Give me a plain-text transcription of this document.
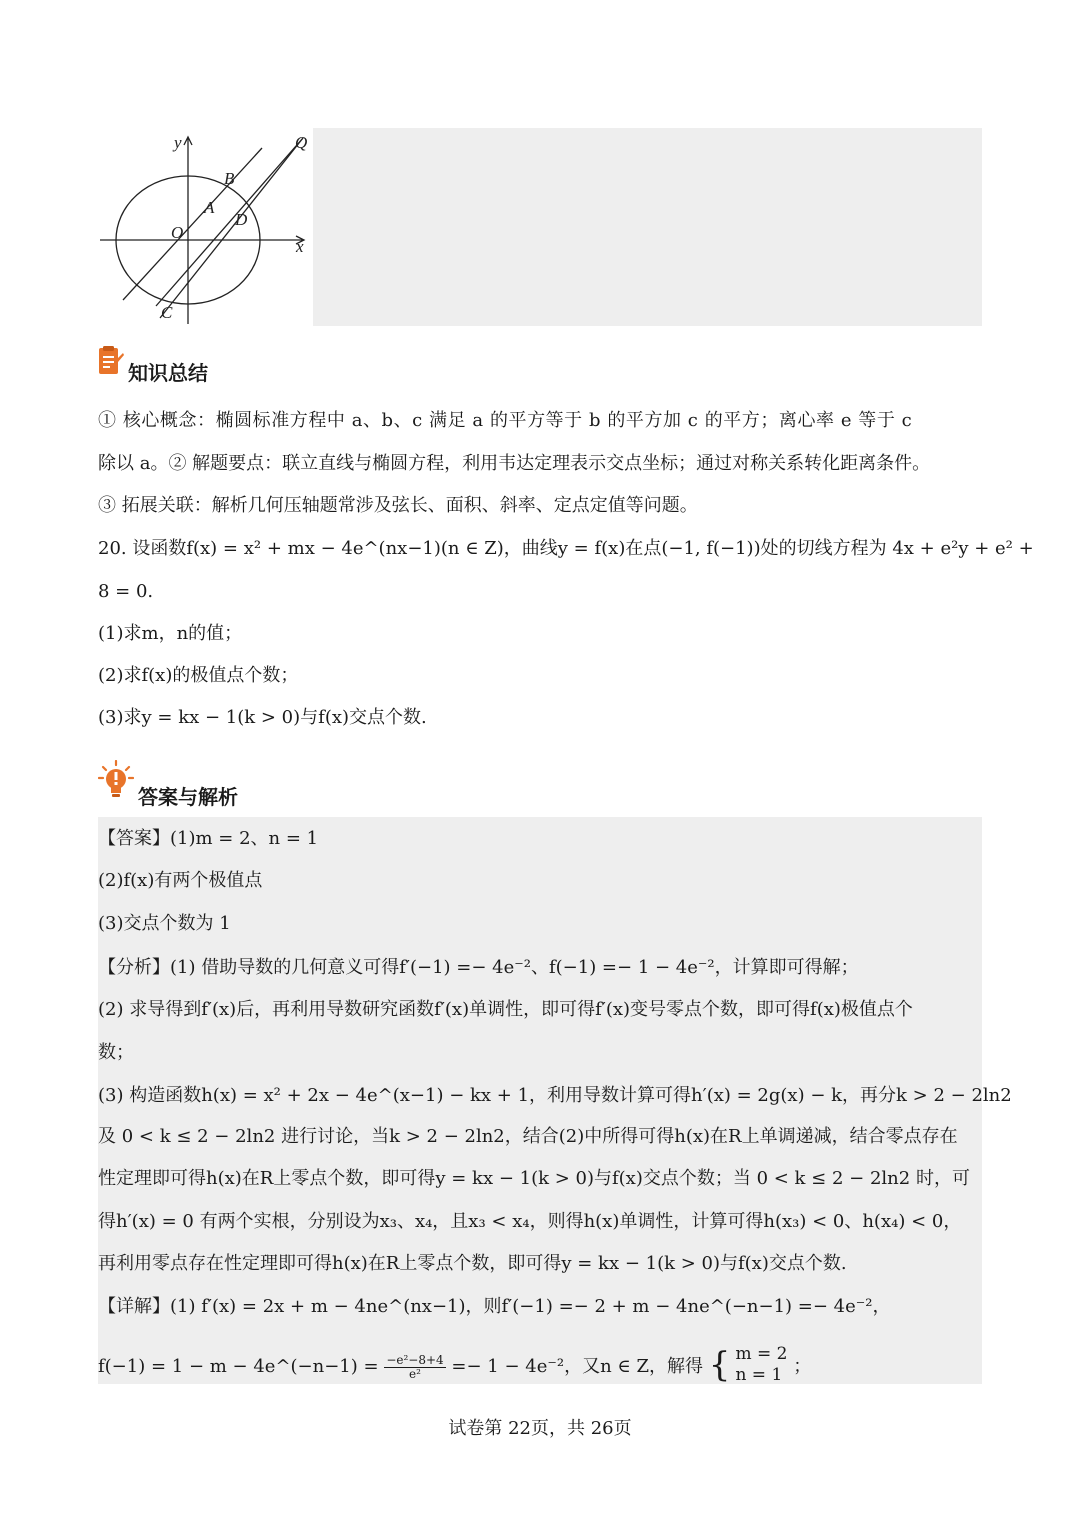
y
x
Q
B
A
D
O
C
知识总结
① 核心概念：椭圆标准方程中 a、b、c 满足 a 的平方等于 b 的平方加 c 的平方；离心率 e 等于 c
除以 a。② 解题要点：联立直线与椭圆方程，利用韦达定理表示交点坐标；通过对称关系转化距离条件。
③ 拓展关联：解析几何压轴题常涉及弦长、面积、斜率、定点定值等问题。
20. 设函数f(x) = x² + mx − 4e^(nx−1)(n ∈ Z)，曲线y = f(x)在点(−1, f(−1))处的切线方程为 4x + e²y + e² +
8 = 0.
(1)求m，n的值；
(2)求f(x)的极值点个数；
(3)求y = kx − 1(k > 0)与f(x)交点个数.
答案与解析
【答案】(1)m = 2、n = 1
(2)f(x)有两个极值点
(3)交点个数为 1
【分析】(1) 借助导数的几何意义可得f′(−1) =− 4e⁻²、f(−1) =− 1 − 4e⁻²，计算即可得解；
(2) 求导得到f′(x)后，再利用导数研究函数f′(x)单调性，即可得f′(x)变号零点个数，即可得f(x)极值点个
数；
(3) 构造函数h(x) = x² + 2x − 4e^(x−1) − kx + 1，利用导数计算可得h′(x) = 2g(x) − k，再分k > 2 − 2ln2
及 0 < k ≤ 2 − 2ln2 进行讨论，当k > 2 − 2ln2，结合(2)中所得可得h(x)在R上单调递减，结合零点存在
性定理即可得h(x)在R上零点个数，即可得y = kx − 1(k > 0)与f(x)交点个数；当 0 < k ≤ 2 − 2ln2 时，可
得h′(x) = 0 有两个实根，分别设为x₃、x₄，且x₃ < x₄，则得h(x)单调性，计算可得h(x₃) < 0、h(x₄) < 0，
再利用零点存在性定理即可得h(x)在R上零点个数，即可得y = kx − 1(k > 0)与f(x)交点个数.
【详解】(1) f′(x) = 2x + m − 4ne^(nx−1)，则f′(−1) =− 2 + m − 4ne^(−n−1) =− 4e⁻²，
f(−1) = 1 − m − 4e^(−n−1) = $\frac{\text{−e²−8+4}}{\text{e²}} =- 1 - 4e^{-2}$，又n ∈ Z，解得 { m = 2
n = 1 ；
试卷第 22页，共 26页
